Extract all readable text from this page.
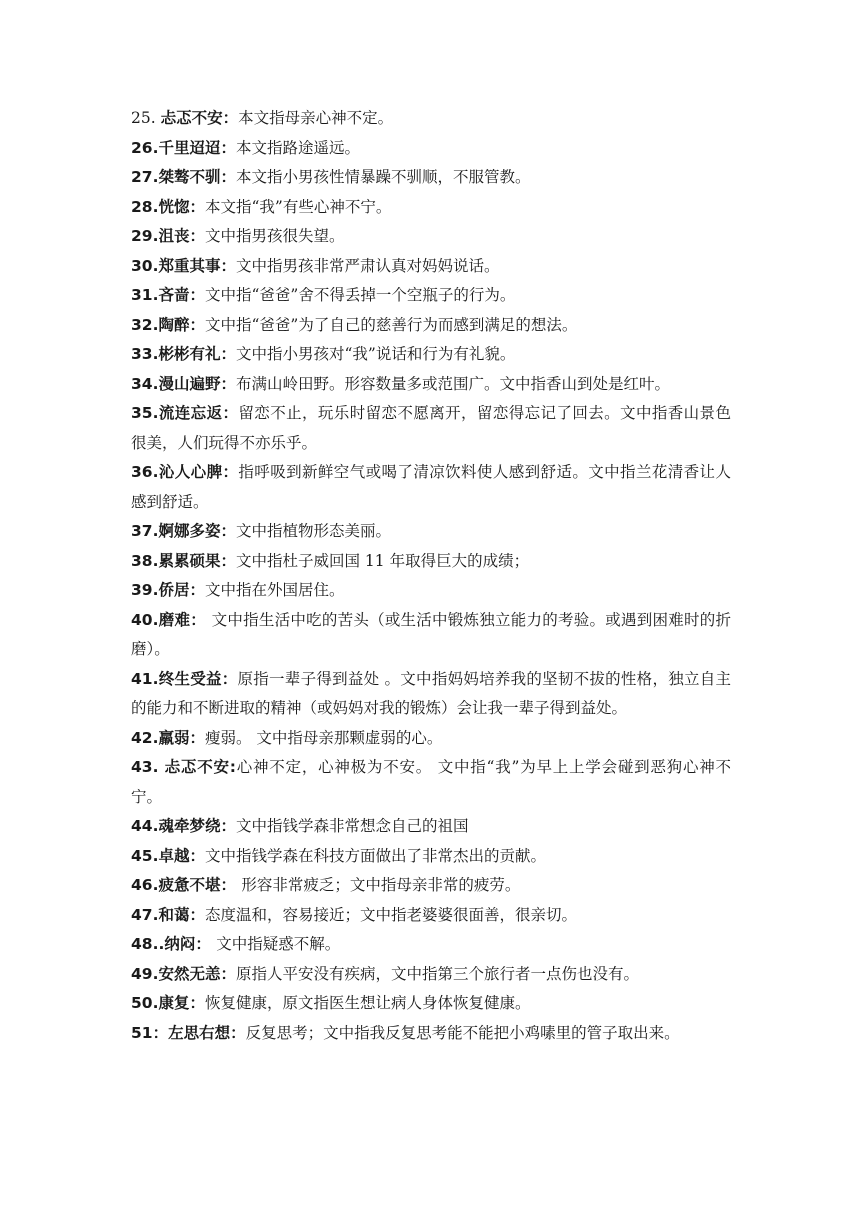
25. 忐忑不安：本文指母亲心神不定。

26.千里迢迢：本文指路途遥远。

27.桀骜不驯：本文指小男孩性情暴躁不驯顺，不服管教。

28.恍惚：本文指“我”有些心神不宁。

29.沮丧：文中指男孩很失望。

30.郑重其事：文中指男孩非常严肃认真对妈妈说话。

31.吝啬：文中指“爸爸”舍不得丢掉一个空瓶子的行为。

32.陶醉：文中指“爸爸”为了自己的慈善行为而感到满足的想法。

33.彬彬有礼：文中指小男孩对“我”说话和行为有礼貌。

34.漫山遍野：布满山岭田野。形容数量多或范围广。文中指香山到处是红叶。

35.流连忘返：留恋不止，玩乐时留恋不愿离开，留恋得忘记了回去。文中指香山景色很美，人们玩得不亦乐乎。

36.沁人心脾：指呼吸到新鲜空气或喝了清凉饮料使人感到舒适。文中指兰花清香让人感到舒适。

37.婀娜多姿：文中指植物形态美丽。

38.累累硕果：文中指杜子威回国 11 年取得巨大的成绩；

39.侨居：文中指在外国居住。

40.磨难： 文中指生活中吃的苦头（或生活中锻炼独立能力的考验。或遇到困难时的折磨）。

41.终生受益：原指一辈子得到益处 。文中指妈妈培养我的坚韧不拔的性格，独立自主的能力和不断进取的精神（或妈妈对我的锻炼）会让我一辈子得到益处。

42.羸弱：瘦弱。 文中指母亲那颗虚弱的心。

43. 忐忑不安:心神不定，心神极为不安。 文中指“我”为早上上学会碰到恶狗心神不宁。

44.魂牵梦绕：文中指钱学森非常想念自己的祖国

45.卓越：文中指钱学森在科技方面做出了非常杰出的贡献。

46.疲惫不堪： 形容非常疲乏；文中指母亲非常的疲劳。

47.和蔼：态度温和，容易接近；文中指老婆婆很面善，很亲切。

48..纳闷： 文中指疑惑不解。

49.安然无恙：原指人平安没有疾病，文中指第三个旅行者一点伤也没有。

50.康复：恢复健康，原文指医生想让病人身体恢复健康。

51：左思右想：反复思考；文中指我反复思考能不能把小鸡嗉里的管子取出来。
